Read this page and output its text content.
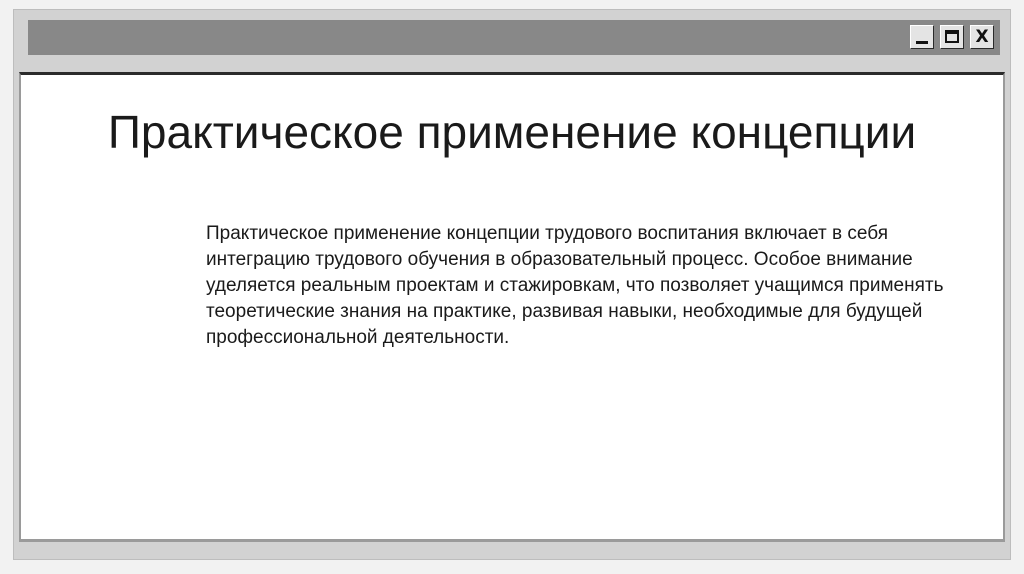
X
Практическое применение концепции
Практическое применение концепции трудового воспитания включает в себя интеграцию трудового обучения в образовательный процесс. Особое внимание уделяется реальным проектам и стажировкам, что позволяет учащимся применять теоретические знания на практике, развивая навыки, необходимые для будущей профессиональной деятельности.
